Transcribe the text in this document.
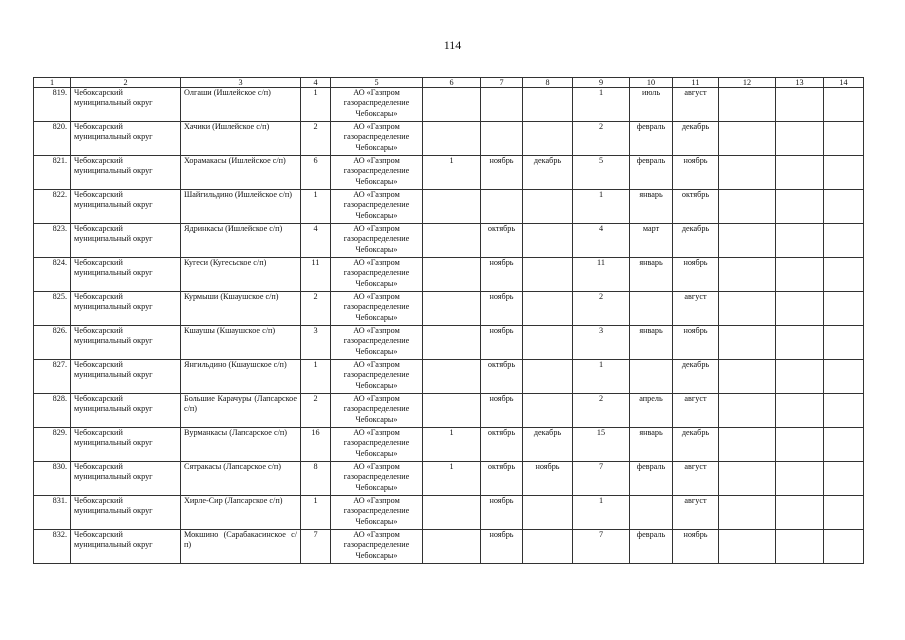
114
1	2	3	4	5	6	7	8	9	10	11	12	13	14
819.	Чебоксарский муниципальный округ	Олгаши (Ишлейское с/п)	1	АО «Газпром газораспределение Чебоксары»				1	июль	август			
820.	Чебоксарский муниципальный округ	Хачики (Ишлейское с/п)	2	АО «Газпром газораспределение Чебоксары»				2	февраль	декабрь			
821.	Чебоксарский муниципальный округ	Хорамакасы (Ишлейское с/п)	6	АО «Газпром газораспределение Чебоксары»	1	ноябрь	декабрь	5	февраль	ноябрь			
822.	Чебоксарский муниципальный округ	Шайгильдино (Ишлейское с/п)	1	АО «Газпром газораспределение Чебоксары»				1	январь	октябрь			
823.	Чебоксарский муниципальный округ	Ядринкасы (Ишлейское с/п)	4	АО «Газпром газораспределение Чебоксары»		октябрь		4	март	декабрь			
824.	Чебоксарский муниципальный округ	Кугеси (Кугесьское с/п)	11	АО «Газпром газораспределение Чебоксары»		ноябрь		11	январь	ноябрь			
825.	Чебоксарский муниципальный округ	Курмыши (Кшаушское с/п)	2	АО «Газпром газораспределение Чебоксары»		ноябрь		2		август			
826.	Чебоксарский муниципальный округ	Кшаушы (Кшаушское с/п)	3	АО «Газпром газораспределение Чебоксары»		ноябрь		3	январь	ноябрь			
827.	Чебоксарский муниципальный округ	Янгильдино (Кшаушское с/п)	1	АО «Газпром газораспределение Чебоксары»		октябрь		1		декабрь			
828.	Чебоксарский муниципальный округ	Большие Карачуры (Лапсарское с/п)	2	АО «Газпром газораспределение Чебоксары»		ноябрь		2	апрель	август			
829.	Чебоксарский муниципальный округ	Вурманкасы (Лапсарское с/п)	16	АО «Газпром газораспределение Чебоксары»	1	октябрь	декабрь	15	январь	декабрь			
830.	Чебоксарский муниципальный округ	Сятракасы (Лапсарское с/п)	8	АО «Газпром газораспределение Чебоксары»	1	октябрь	ноябрь	7	февраль	август			
831.	Чебоксарский муниципальный округ	Хирле-Сир (Лапсарское с/п)	1	АО «Газпром газораспределение Чебоксары»		ноябрь		1		август			
832.	Чебоксарский муниципальный округ	Мокшино (Сарабакасинское с/п)	7	АО «Газпром газораспределение Чебоксары»		ноябрь		7	февраль	ноябрь			
